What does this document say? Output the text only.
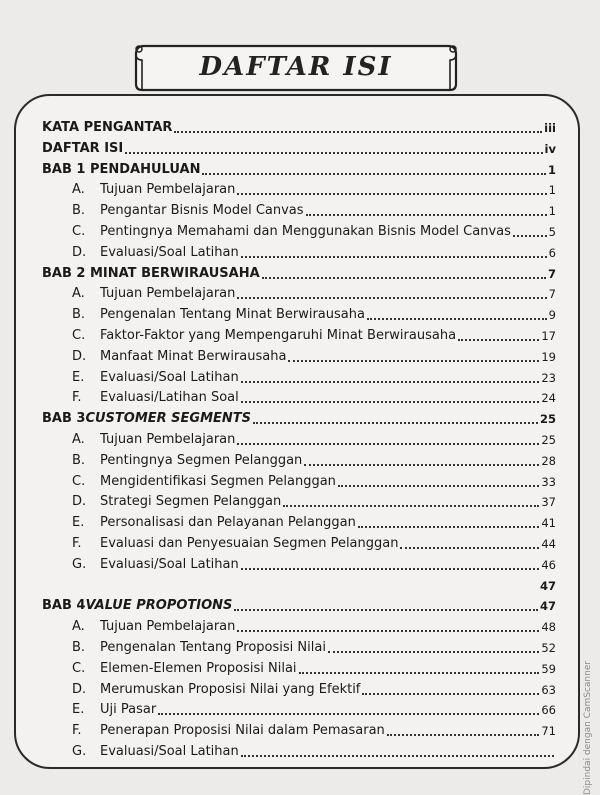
DAFTAR ISI
KATA PENGANTAR	iii
DAFTAR ISI	iv
BAB 1 PENDAHULUAN	1
A.	Tujuan Pembelajaran	1
B.	Pengantar Bisnis Model Canvas	1
C.	Pentingnya Memahami dan Menggunakan Bisnis Model Canvas	5
D.	Evaluasi/Soal Latihan	6
BAB 2 MINAT BERWIRAUSAHA	7
A.	Tujuan Pembelajaran	7
B.	Pengenalan Tentang Minat Berwirausaha	9
C.	Faktor-Faktor yang Mempengaruhi Minat Berwirausaha	17
D.	Manfaat Minat Berwirausaha	19
E.	Evaluasi/Soal Latihan	23
F.	Evaluasi/Latihan Soal	24
BAB 3 CUSTOMER SEGMENTS	25
A.	Tujuan Pembelajaran	25
B.	Pentingnya Segmen Pelanggan	28
C.	Mengidentifikasi Segmen Pelanggan	33
D.	Strategi Segmen Pelanggan	37
E.	Personalisasi dan Pelayanan Pelanggan	41
F.	Evaluasi dan Penyesuaian Segmen Pelanggan	44
G.	Evaluasi/Soal Latihan	46
47
BAB 4 VALUE PROPOTIONS	47
A.	Tujuan Pembelajaran	48
B.	Pengenalan Tentang Proposisi Nilai	52
C.	Elemen-Elemen Proposisi Nilai	59
D.	Merumuskan Proposisi Nilai yang Efektif	63
E.	Uji Pasar	66
F.	Penerapan Proposisi Nilai dalam Pemasaran	71
G.	Evaluasi/Soal Latihan	Dipindai dengan CamScanner
